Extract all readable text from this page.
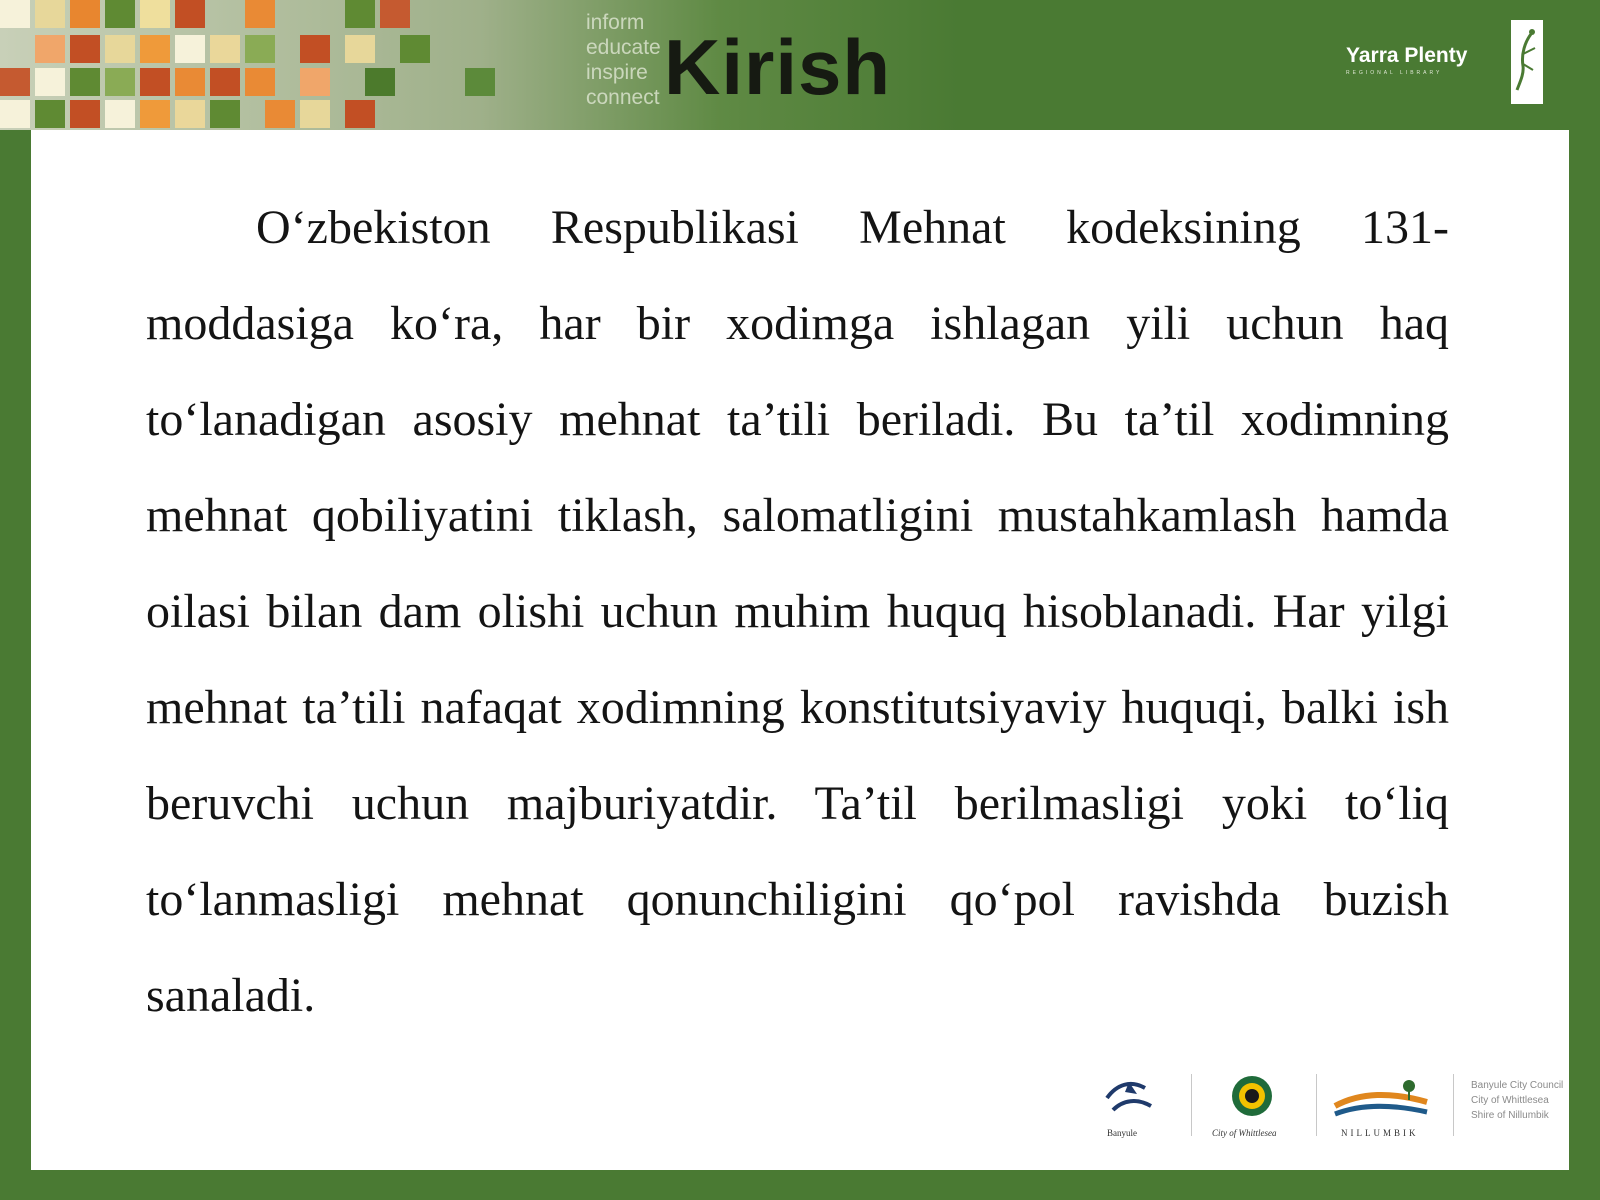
inform
educate
inspire
connect Kirish	Yarra Plenty
REGIONAL LIBRARY

O‘zbekiston Respublikasi Mehnat kodeksining 131-moddasiga ko‘ra, har bir xodimga ishlagan yili uchun haq to‘lanadigan asosiy mehnat ta’tili beriladi. Bu ta’til xodimning mehnat qobiliyatini tiklash, salomatligini mustahkamlash hamda oilasi bilan dam olishi uchun muhim huquq hisoblanadi. Har yilgi mehnat ta’tili nafaqat xodimning konstitutsiyaviy huquqi, balki ish beruvchi uchun majburiyatdir. Ta’til berilmasligi yoki to‘liq to‘lanmasligi mehnat qonunchiligini qo‘pol ravishda buzish sanaladi.

Banyule	City of Whittlesea	NILLUMBIK
Banyule City Council
City of Whittlesea
Shire of Nillumbik
